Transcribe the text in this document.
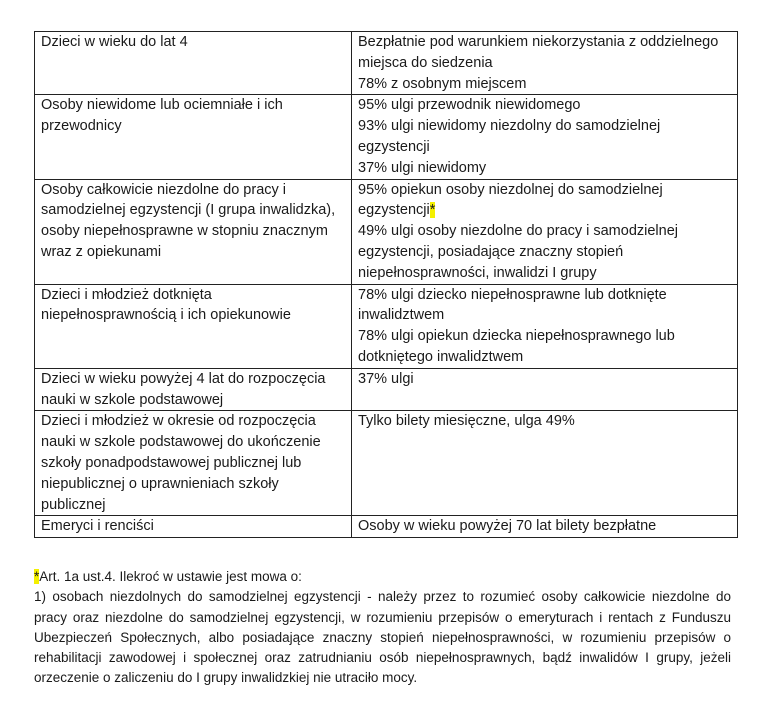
Dzieci w wieku do lat 4	Bezpłatnie pod warunkiem niekorzystania z oddzielnego miejsca do siedzenia
78% z osobnym miejscem

Osoby niewidome lub ociemniałe i ich przewodnicy	95% ulgi przewodnik niewidomego
93% ulgi niewidomy niezdolny do samodzielnej egzystencji
37% ulgi niewidomy

Osoby całkowicie niezdolne do pracy i samodzielnej egzystencji (I grupa inwalidzka), osoby niepełnosprawne w stopniu znacznym wraz z opiekunami	95% opiekun osoby niezdolnej do samodzielnej egzystencji*
49% ulgi osoby niezdolne do pracy i samodzielnej egzystencji, posiadające znaczny stopień niepełnosprawności, inwalidzi I grupy

Dzieci i młodzież dotknięta niepełnosprawnością i ich opiekunowie	78% ulgi dziecko niepełnosprawne lub dotknięte inwalidztwem
78% ulgi opiekun dziecka niepełnosprawnego lub dotkniętego inwalidztwem

Dzieci w wieku powyżej 4 lat do rozpoczęcia nauki w szkole podstawowej	37% ulgi

Dzieci i młodzież w okresie od rozpoczęcia nauki w szkole podstawowej do ukończenie szkoły ponadpodstawowej publicznej lub niepublicznej o uprawnieniach szkoły publicznej	Tylko bilety miesięczne, ulga 49%

Emeryci i renciści	Osoby w wieku powyżej 70 lat bilety bezpłatne

*Art. 1a ust.4. Ilekroć w ustawie jest mowa o:

1) osobach niezdolnych do samodzielnej egzystencji - należy przez to rozumieć osoby całkowicie niezdolne do pracy oraz niezdolne do samodzielnej egzystencji, w rozumieniu przepisów o emeryturach i rentach z Funduszu Ubezpieczeń Społecznych, albo posiadające znaczny stopień niepełnosprawności, w rozumieniu przepisów o rehabilitacji zawodowej i społecznej oraz zatrudnianiu osób niepełnosprawnych, bądź inwalidów I grupy, jeżeli orzeczenie o zaliczeniu do I grupy inwalidzkiej nie utraciło mocy.
